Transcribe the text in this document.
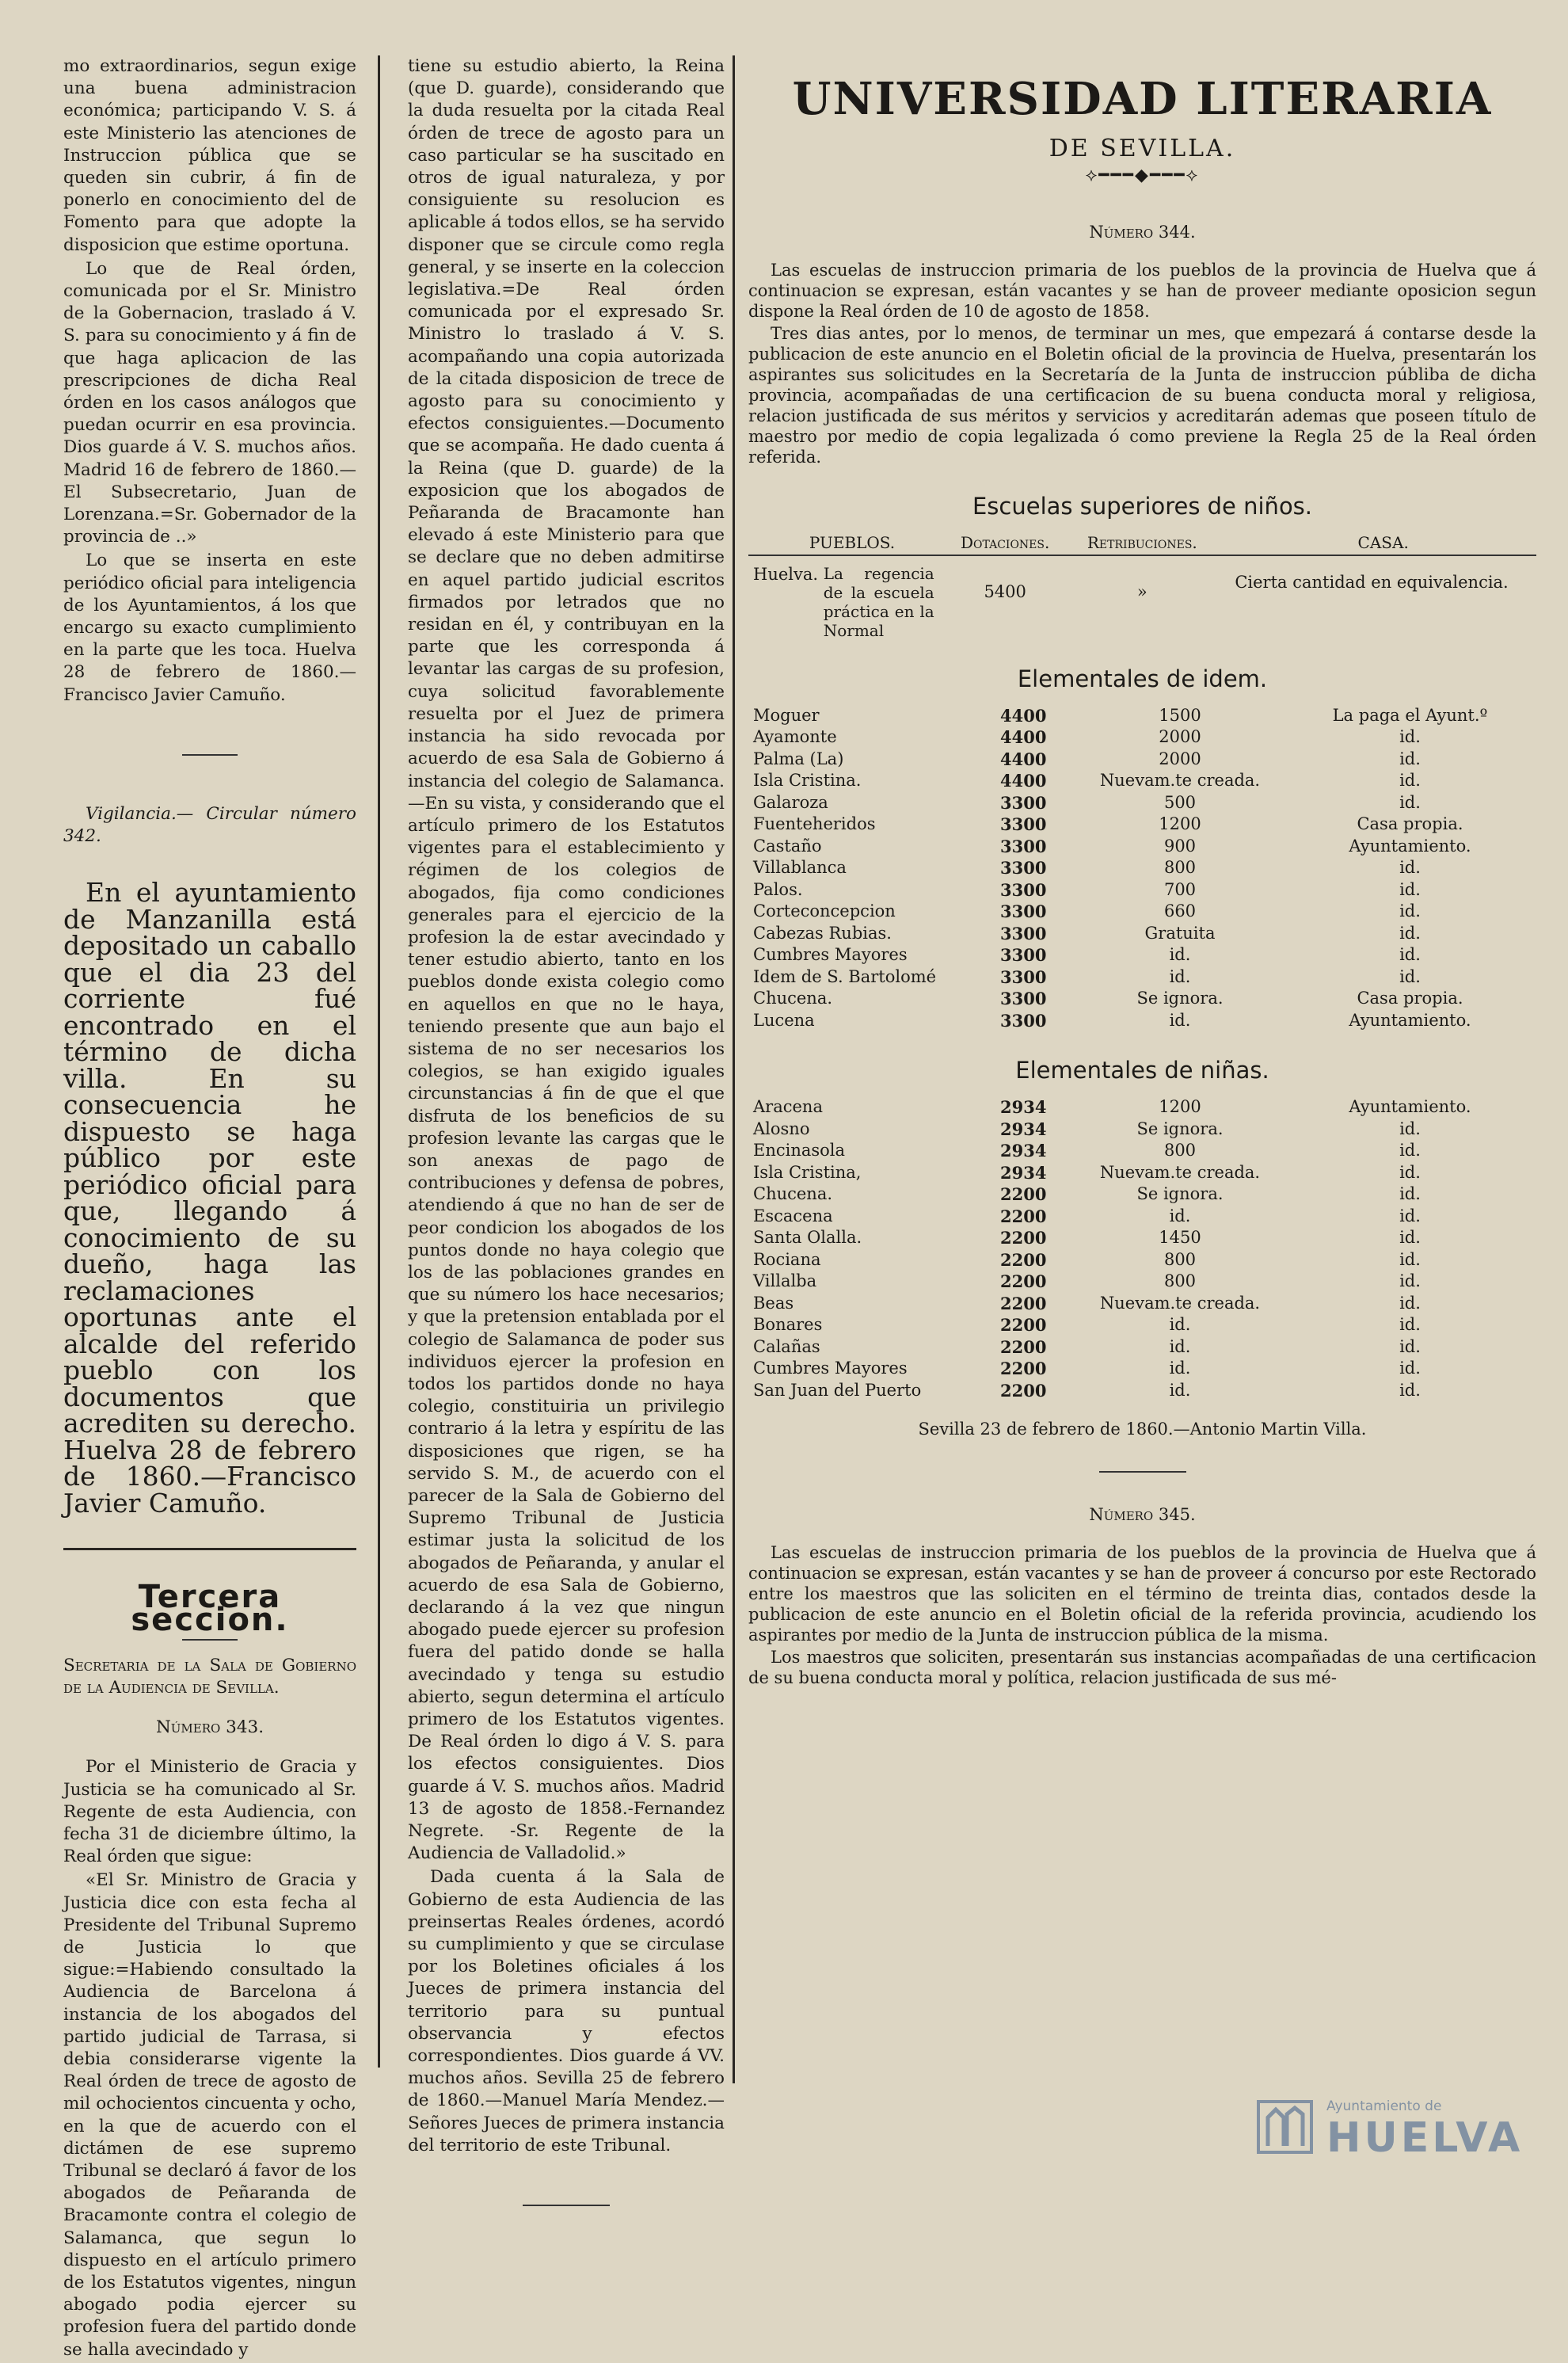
mo extraordinarios, segun exige una buena administracion económica; participando V. S. á este Ministerio las atenciones de Instruccion pública que se queden sin cubrir, á fin de ponerlo en conocimiento del de Fomento para que adopte la disposicion que estime oportuna.

Lo que de Real órden, comunicada por el Sr. Ministro de la Gobernacion, traslado á V. S. para su conocimiento y á fin de que haga aplicacion de las prescripciones de dicha Real órden en los casos análogos que puedan ocurrir en esa provincia. Dios guarde á V. S. muchos años. Madrid 16 de febrero de 1860.—El Subsecretario, Juan de Lorenzana.=Sr. Gobernador de la provincia de ..»

Lo que se inserta en este periódico oficial para inteligencia de los Ayuntamientos, á los que encargo su exacto cumplimiento en la parte que les toca. Huelva 28 de febrero de 1860.—Francisco Javier Camuño.

Vigilancia.— Circular número 342.

En el ayuntamiento de Manzanilla está depositado un caballo que el dia 23 del corriente fué encontrado en el término de dicha villa. En su consecuencia he dispuesto se haga público por este periódico oficial para que, llegando á conocimiento de su dueño, haga las reclamaciones oportunas ante el alcalde del referido pueblo con los documentos que acrediten su derecho. Huelva 28 de febrero de 1860.—Francisco Javier Camuño.

Tercera seccion.

Secretaria de la Sala de Gobierno de la Audiencia de Sevilla.

Número 343.

Por el Ministerio de Gracia y Justicia se ha comunicado al Sr. Regente de esta Audiencia, con fecha 31 de diciembre último, la Real órden que sigue:

«El Sr. Ministro de Gracia y Justicia dice con esta fecha al Presidente del Tribunal Supremo de Justicia lo que sigue:=Habiendo consultado la Audiencia de Barcelona á instancia de los abogados del partido judicial de Tarrasa, si debia considerarse vigente la Real órden de trece de agosto de mil ochocientos cincuenta y ocho, en la que de acuerdo con el dictámen de ese supremo Tribunal se declaró á favor de los abogados de Peñaranda de Bracamonte contra el colegio de Salamanca, que segun lo dispuesto en el artículo primero de los Estatutos vigentes, ningun abogado podia ejercer su profesion fuera del partido donde se halla avecindado y

tiene su estudio abierto, la Reina (que D. guarde), considerando que la duda resuelta por la citada Real órden de trece de agosto para un caso particular se ha suscitado en otros de igual naturaleza, y por consiguiente su resolucion es aplicable á todos ellos, se ha servido disponer que se circule como regla general, y se inserte en la coleccion legislativa.=De Real órden comunicada por el expresado Sr. Ministro lo traslado á V. S. acompañando una copia autorizada de la citada disposicion de trece de agosto para su conocimiento y efectos consiguientes.—Documento que se acompaña. He dado cuenta á la Reina (que D. guarde) de la exposicion que los abogados de Peñaranda de Bracamonte han elevado á este Ministerio para que se declare que no deben admitirse en aquel partido judicial escritos firmados por letrados que no residan en él, y contribuyan en la parte que les corresponda á levantar las cargas de su profesion, cuya solicitud favorablemente resuelta por el Juez de primera instancia ha sido revocada por acuerdo de esa Sala de Gobierno á instancia del colegio de Salamanca.—En su vista, y considerando que el artículo primero de los Estatutos vigentes para el establecimiento y régimen de los colegios de abogados, fija como condiciones generales para el ejercicio de la profesion la de estar avecindado y tener estudio abierto, tanto en los pueblos donde exista colegio como en aquellos en que no le haya, teniendo presente que aun bajo el sistema de no ser necesarios los colegios, se han exigido iguales circunstancias á fin de que el que disfruta de los beneficios de su profesion levante las cargas que le son anexas de pago de contribuciones y defensa de pobres, atendiendo á que no han de ser de peor condicion los abogados de los puntos donde no haya colegio que los de las poblaciones grandes en que su número los hace necesarios; y que la pretension entablada por el colegio de Salamanca de poder sus individuos ejercer la profesion en todos los partidos donde no haya colegio, constituiria un privilegio contrario á la letra y espíritu de las disposiciones que rigen, se ha servido S. M., de acuerdo con el parecer de la Sala de Gobierno del Supremo Tribunal de Justicia estimar justa la solicitud de los abogados de Peñaranda, y anular el acuerdo de esa Sala de Gobierno, declarando á la vez que ningun abogado puede ejercer su profesion fuera del patido donde se halla avecindado y tenga su estudio abierto, segun determina el artículo primero de los Estatutos vigentes. De Real órden lo digo á V. S. para los efectos consiguientes. Dios guarde á V. S. muchos años. Madrid 13 de agosto de 1858.-Fernandez Negrete. -Sr. Regente de la Audiencia de Valladolid.»

Dada cuenta á la Sala de Gobierno de esta Audiencia de las preinsertas Reales órdenes, acordó su cumplimiento y que se circulase por los Boletines oficiales á los Jueces de primera instancia del territorio para su puntual observancia y efectos correspondientes. Dios guarde á VV. muchos años. Sevilla 25 de febrero de 1860.—Manuel María Mendez.—Señores Jueces de primera instancia del territorio de este Tribunal.

UNIVERSIDAD LITERARIA
DE SEVILLA.
⟡━━━◆━━━⟡

Número 344.

Las escuelas de instruccion primaria de los pueblos de la provincia de Huelva que á continuacion se expresan, están vacantes y se han de proveer mediante oposicion segun dispone la Real órden de 10 de agosto de 1858.

Tres dias antes, por lo menos, de terminar un mes, que empezará á contarse desde la publicacion de este anuncio en el Boletin oficial de la provincia de Huelva, presentarán los aspirantes sus solicitudes en la Secretaría de la Junta de instruccion públiba de dicha provincia, acompañadas de una certificacion de su buena conducta moral y religiosa, relacion justificada de sus méritos y servicios y acreditarán ademas que poseen título de maestro por medio de copia legalizada ó como previene la Regla 25 de la Real órden referida.

Escuelas superiores de niños.
PUEBLOS.	Dotaciones.	Retribuciones.	CASA.

Huelva. La regencia de la escuela práctica en la Normal	5400	»	Cierta cantidad en equivalencia.
Elementales de idem.
Moguer	4400	1500	La paga el Ayunt.º
Ayamonte	4400	2000	id.
Palma (La)	4400	2000	id.
Isla Cristina.	4400	Nuevam.te creada.	id.
Galaroza	3300	500	id.
Fuenteheridos	3300	1200	Casa propia.
Castaño	3300	900	Ayuntamiento.
Villablanca	3300	800	id.
Palos.	3300	700	id.
Corteconcepcion	3300	660	id.
Cabezas Rubias.	3300	Gratuita	id.
Cumbres Mayores	3300	id.	id.
Idem de S. Bartolomé	3300	id.	id.
Chucena.	3300	Se ignora.	Casa propia.
Lucena	3300	id.	Ayuntamiento.
Elementales de niñas.
Aracena	2934	1200	Ayuntamiento.
Alosno	2934	Se ignora.	id.
Encinasola	2934	800	id.
Isla Cristina,	2934	Nuevam.te creada.	id.
Chucena.	2200	Se ignora.	id.
Escacena	2200	id.	id.
Santa Olalla.	2200	1450	id.
Rociana	2200	800	id.
Villalba	2200	800	id.
Beas	2200	Nuevam.te creada.	id.
Bonares	2200	id.	id.
Calañas	2200	id.	id.
Cumbres Mayores	2200	id.	id.
San Juan del Puerto	2200	id.	id.
Sevilla 23 de febrero de 1860.—Antonio Martin Villa.

Número 345.

Las escuelas de instruccion primaria de los pueblos de la provincia de Huelva que á continuacion se expresan, están vacantes y se han de proveer á concurso por este Rectorado entre los maestros que las soliciten en el término de treinta dias, contados desde la publicacion de este anuncio en el Boletin oficial de la referida provincia, acudiendo los aspirantes por medio de la Junta de instruccion pública de la misma.

Los maestros que soliciten, presentarán sus instancias acompañadas de una certificacion de su buena conducta moral y política, relacion justificada de sus mé-

Ayuntamiento de
HUELVA
